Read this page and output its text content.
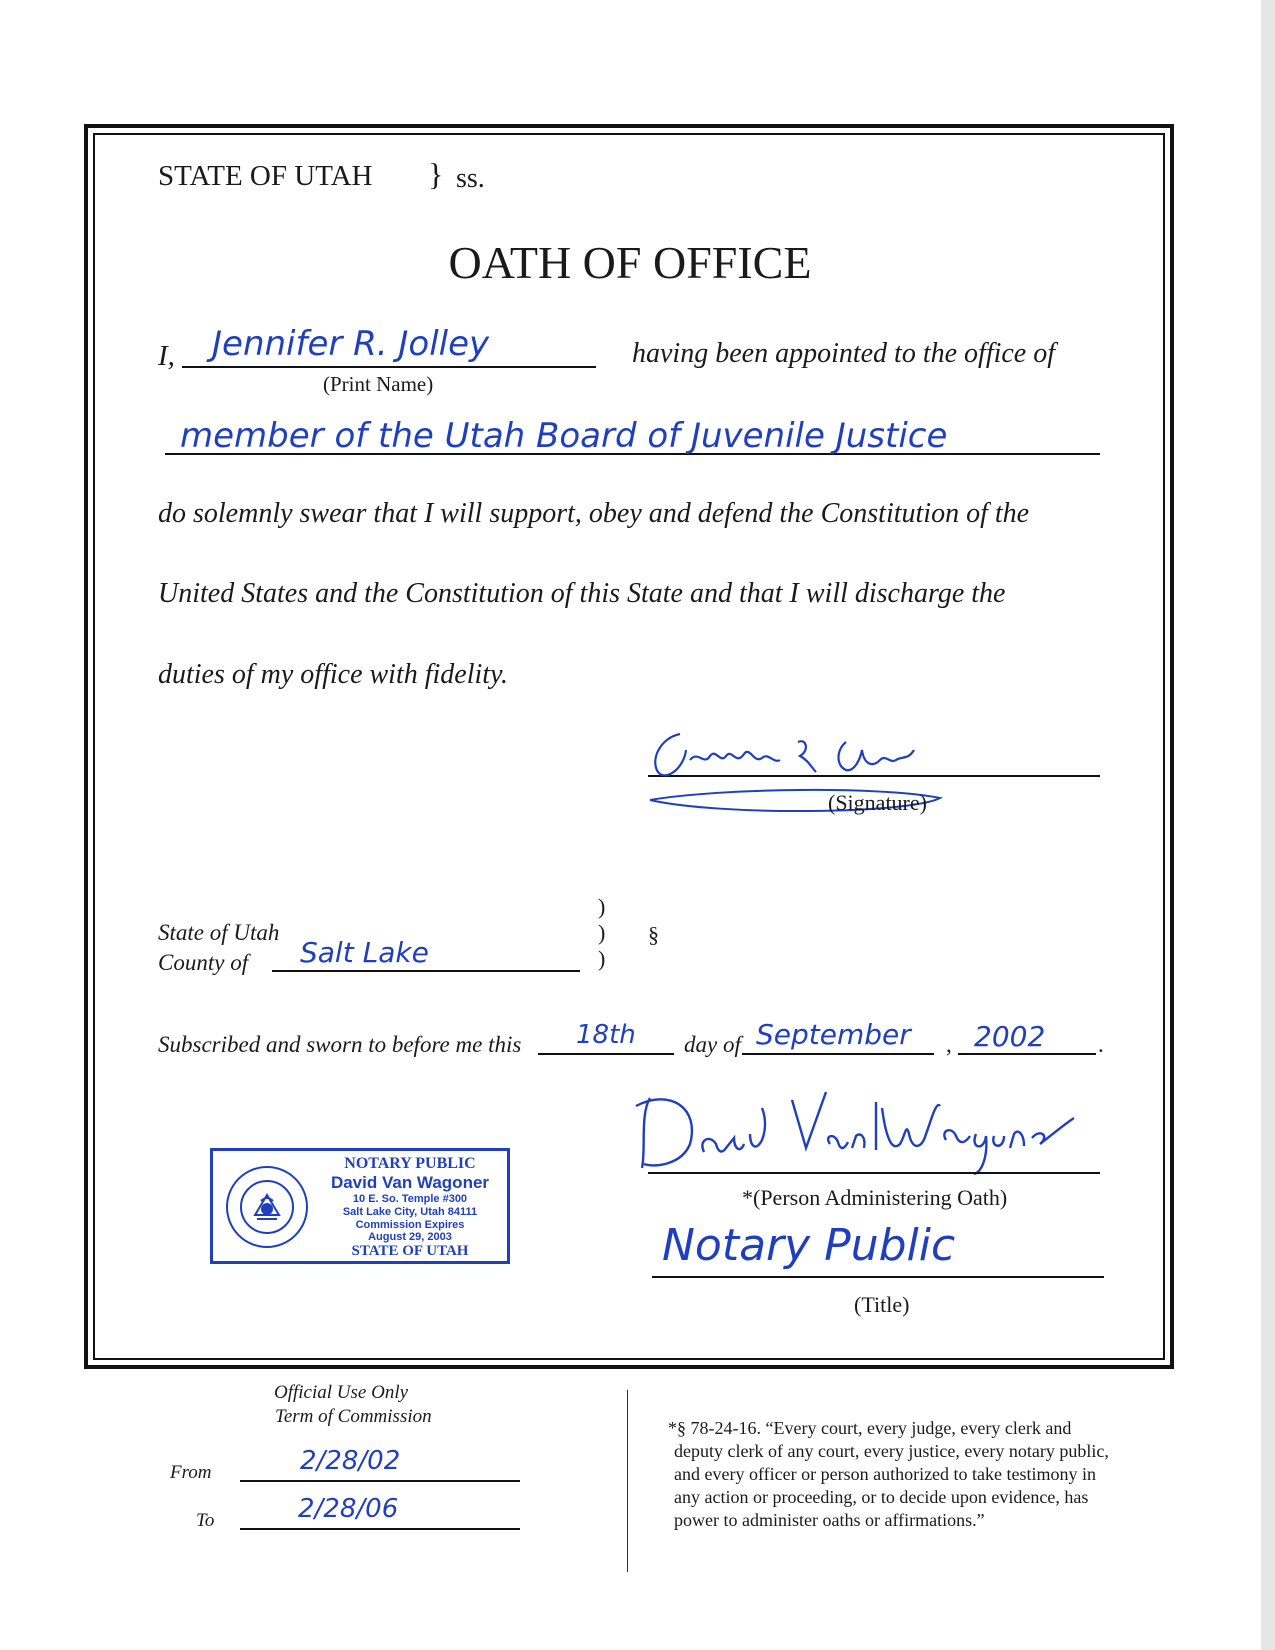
STATE OF UTAH } ss.
OATH OF OFFICE
I, Jennifer R. Jolley
(Print Name)
having been appointed to the office of
member of the Utah Board of Juvenile Justice
do solemnly swear that I will support, obey and defend the Constitution of the
United States and the Constitution of this State and that I will discharge the
duties of my office with fidelity.
(Signature)
State of Utah
County of Salt Lake
)
)
)
§
Subscribed and sworn to before me this 18th day of September , 2002 .
NOTARY PUBLIC
David Van Wagoner
10 E. So. Temple #300
Salt Lake City, Utah 84111
Commission Expires
August 29, 2003
STATE OF UTAH
*(Person Administering Oath)
Notary Public
(Title)
Official Use Only
Term of Commission
From	2/28/02
To	2/28/06
*§ 78-24-16. “Every court, every judge, every clerk and
deputy clerk of any court, every justice, every notary public,
and every officer or person authorized to take testimony in
any action or proceeding, or to decide upon evidence, has
power to administer oaths or affirmations.”
